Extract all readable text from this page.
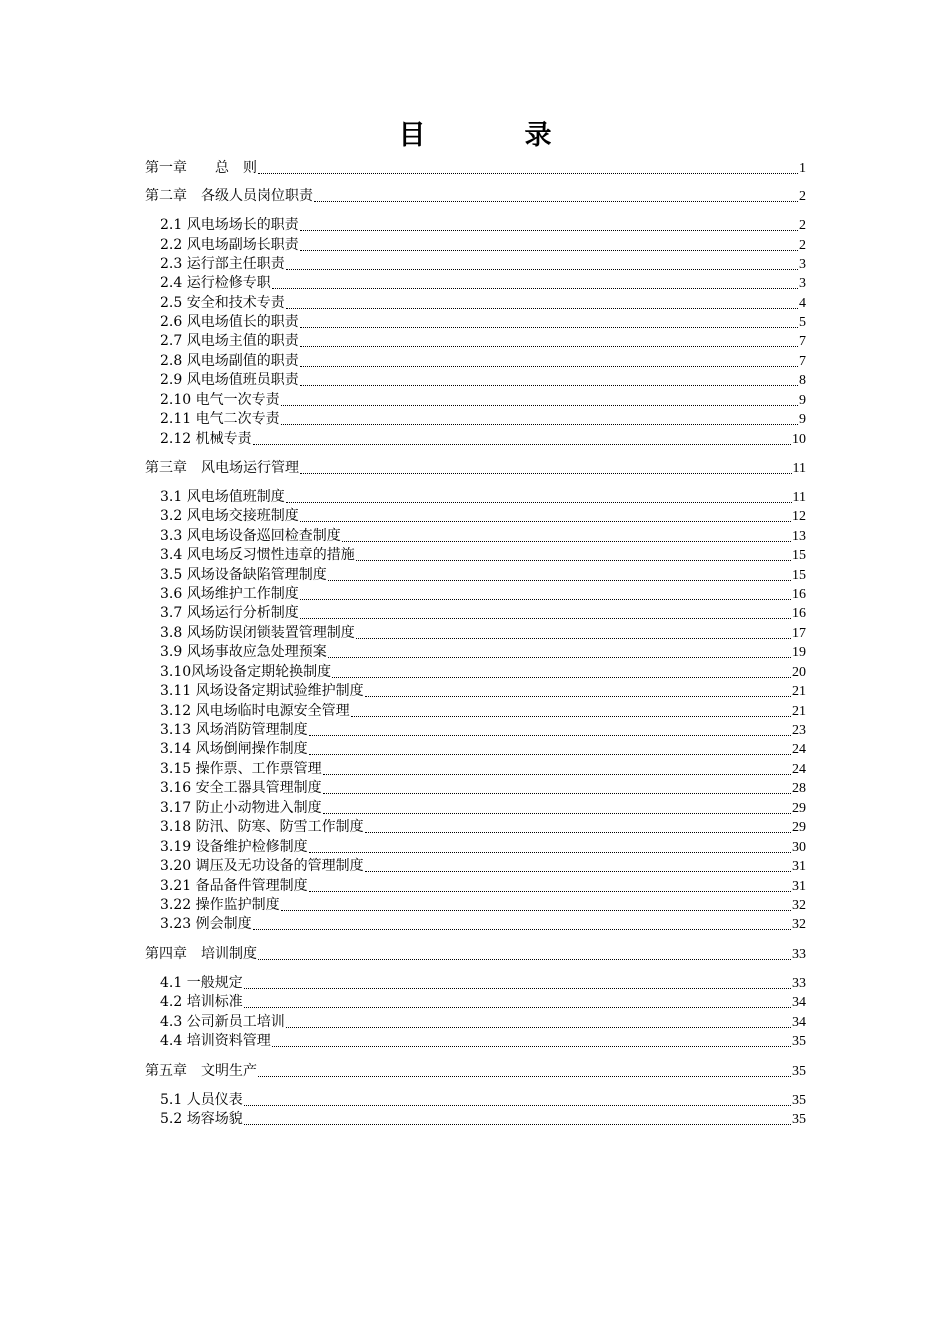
目　录
第一章　　总　则	1
第二章　各级人员岗位职责	2
2.1 风电场场长的职责	2
2.2 风电场副场长职责	2
2.3 运行部主任职责	3
2.4 运行检修专职	3
2.5 安全和技术专责	4
2.6 风电场值长的职责	5
2.7 风电场主值的职责	7
2.8 风电场副值的职责	7
2.9 风电场值班员职责	8
2.10 电气一次专责	9
2.11 电气二次专责	9
2.12 机械专责	10
第三章　风电场运行管理	11
3.1 风电场值班制度	11
3.2 风电场交接班制度	12
3.3 风电场设备巡回检查制度	13
3.4 风电场反习惯性违章的措施	15
3.5 风场设备缺陷管理制度	15
3.6 风场维护工作制度	16
3.7 风场运行分析制度	16
3.8 风场防误闭锁装置管理制度	17
3.9 风场事故应急处理预案	19
3.10风场设备定期轮换制度	20
3.11 风场设备定期试验维护制度	21
3.12 风电场临时电源安全管理	21
3.13 风场消防管理制度	23
3.14 风场倒闸操作制度	24
3.15 操作票、工作票管理	24
3.16 安全工器具管理制度	28
3.17 防止小动物进入制度	29
3.18 防汛、防寒、防雪工作制度	29
3.19 设备维护检修制度	30
3.20 调压及无功设备的管理制度	31
3.21 备品备件管理制度	31
3.22 操作监护制度	32
3.23 例会制度	32
第四章　培训制度	33
4.1 一般规定	33
4.2 培训标准	34
4.3 公司新员工培训	34
4.4 培训资料管理	35
第五章　文明生产	35
5.1 人员仪表	35
5.2 场容场貌	35
